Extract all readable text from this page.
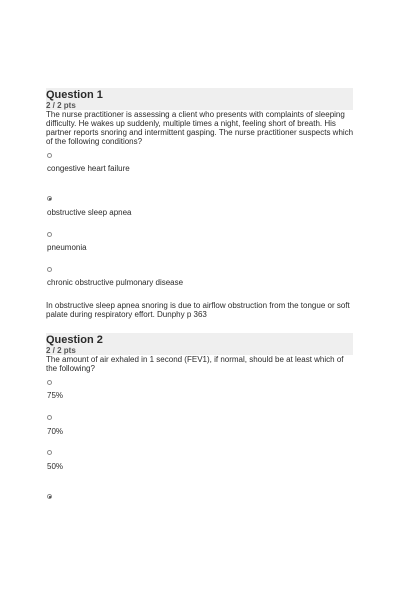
Question 1
2 / 2 pts
The nurse practitioner is assessing a client who presents with complaints of sleeping difficulty. He wakes up suddenly, multiple times a night, feeling short of breath. His partner reports snoring and intermittent gasping. The nurse practitioner suspects which of the following conditions?
congestive heart failure
obstructive sleep apnea
pneumonia
chronic obstructive pulmonary disease
In obstructive sleep apnea snoring is due to airflow obstruction from the tongue or soft palate during respiratory effort. Dunphy p 363
Question 2
2 / 2 pts
The amount of air exhaled in 1 second (FEV1), if normal, should be at least which of the following?
75%
70%
50%
